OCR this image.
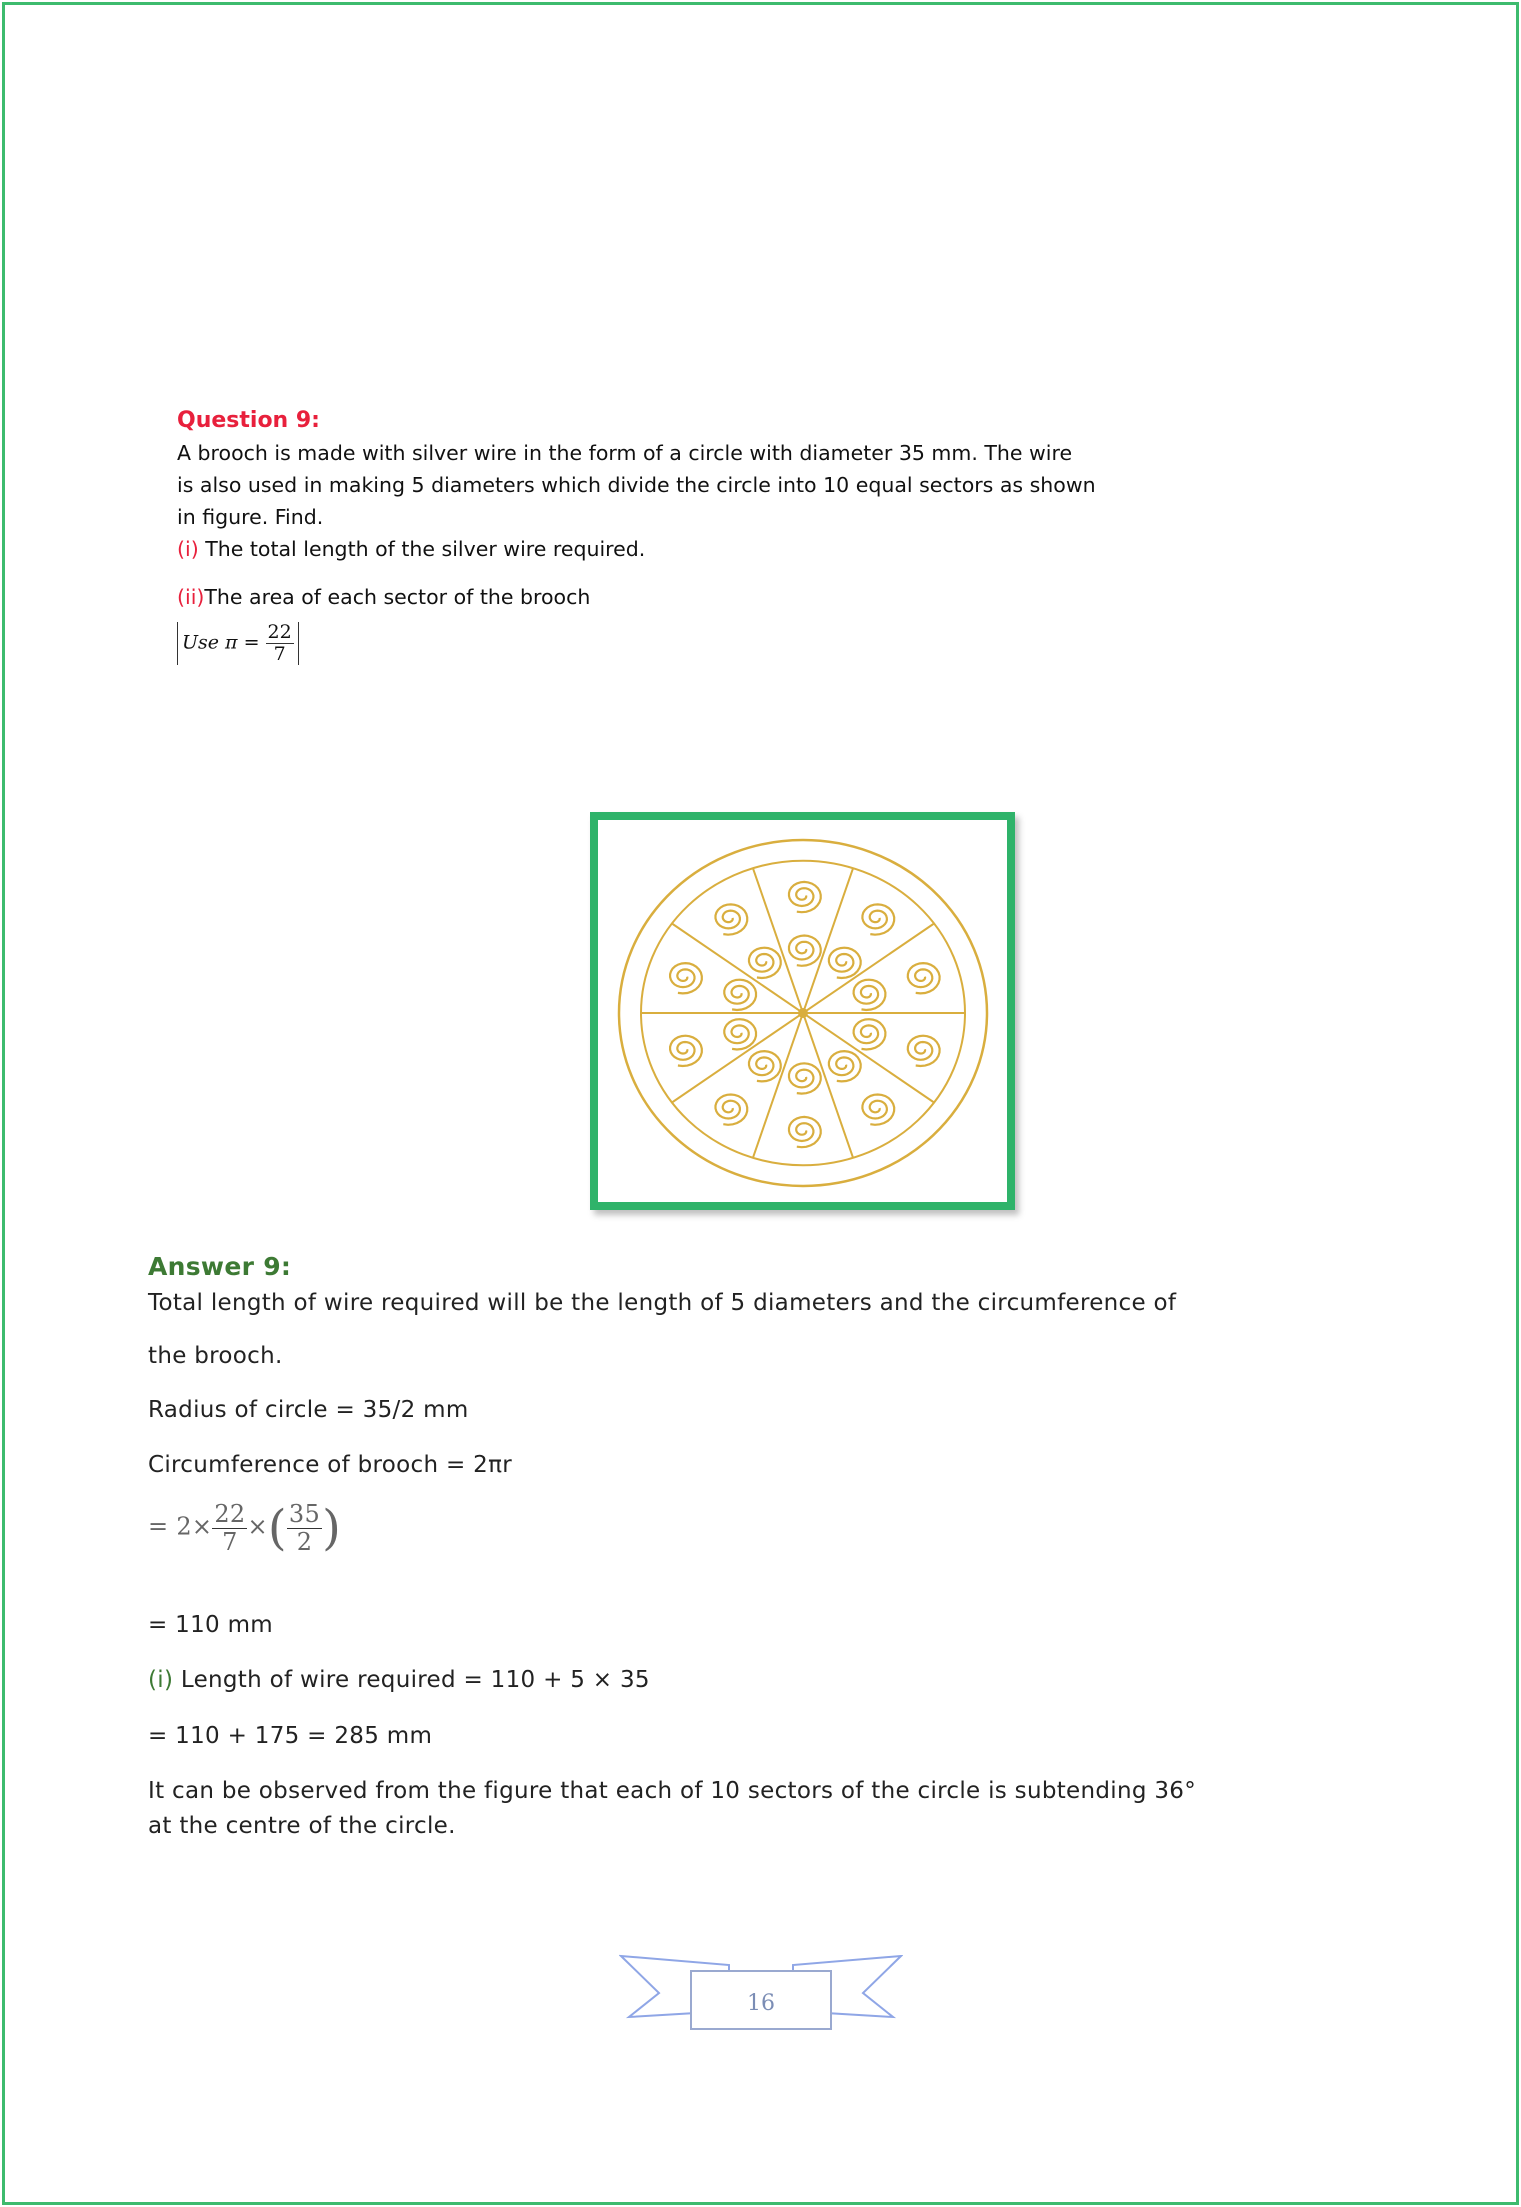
Question 9:
A brooch is made with silver wire in the form of a circle with diameter 35 mm. The wire
is also used in making 5 diameters which divide the circle into 10 equal sectors as shown
in figure. Find.
(i) The total length of the silver wire required.
(ii)The area of each sector of the brooch
Use $\pi = \frac{22}{7}$
Answer 9:
Total length of wire required will be the length of 5 diameters and the circumference of
the brooch.
Radius of circle = 35/2 mm
Circumference of brooch = 2πr
= $2\times \frac{22}{7}$ ×( $\frac{35}{2}$ )
= 110 mm
(i) Length of wire required = 110 + 5 × 35
= 110 + 175 = 285 mm
It can be observed from the figure that each of 10 sectors of the circle is subtending 36°
at the centre of the circle.
16
